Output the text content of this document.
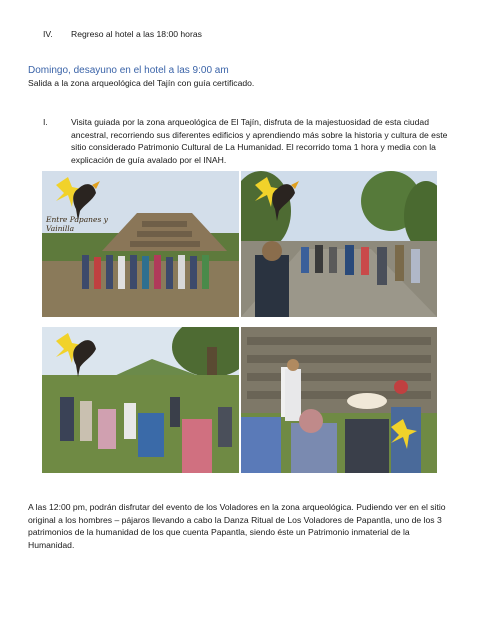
IV.	Regreso al hotel a las 18:00 horas
Domingo, desayuno en el hotel a las 9:00 am
Salida a la zona arqueológica del Tajín con guía certificado.
I.	Visita guiada por la zona arqueológica de El Tajín, disfruta de la majestuosidad de esta ciudad ancestral, recorriendo sus diferentes edificios y aprendiendo más sobre la historia y cultura de este sitio considerado Patrimonio Cultural de La Humanidad. El recorrido toma 1 hora y media con la explicación de guía avalado por el INAH.
Entre Papanes y Vainilla
A las 12:00 pm, podrán disfrutar del evento de los Voladores en la zona arqueológica. Pudiendo ver en el sitio original a los hombres – pájaros llevando a cabo la Danza Ritual de Los Voladores de Papantla, uno de los 3 patrimonios de la humanidad de los que cuenta Papantla, siendo éste un Patrimonio inmaterial de la Humanidad.
